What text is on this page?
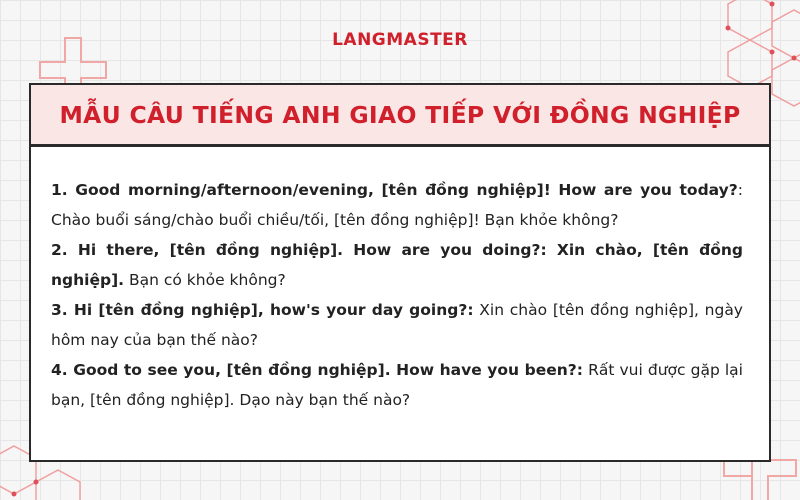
LANGMASTER
MẪU CÂU TIẾNG ANH GIAO TIẾP VỚI ĐỒNG NGHIỆP

1. Good morning/afternoon/evening, [tên đồng nghiệp]! How are you today?: Chào buổi sáng/chào buổi chiều/tối, [tên đồng nghiệp]! Bạn khỏe không?

2. Hi there, [tên đồng nghiệp]. How are you doing?: Xin chào, [tên đồng nghiệp]. Bạn có khỏe không?

3. Hi [tên đồng nghiệp], how's your day going?: Xin chào [tên đồng nghiệp], ngày hôm nay của bạn thế nào?

4. Good to see you, [tên đồng nghiệp]. How have you been?: Rất vui được gặp lại bạn, [tên đồng nghiệp]. Dạo này bạn thế nào?
